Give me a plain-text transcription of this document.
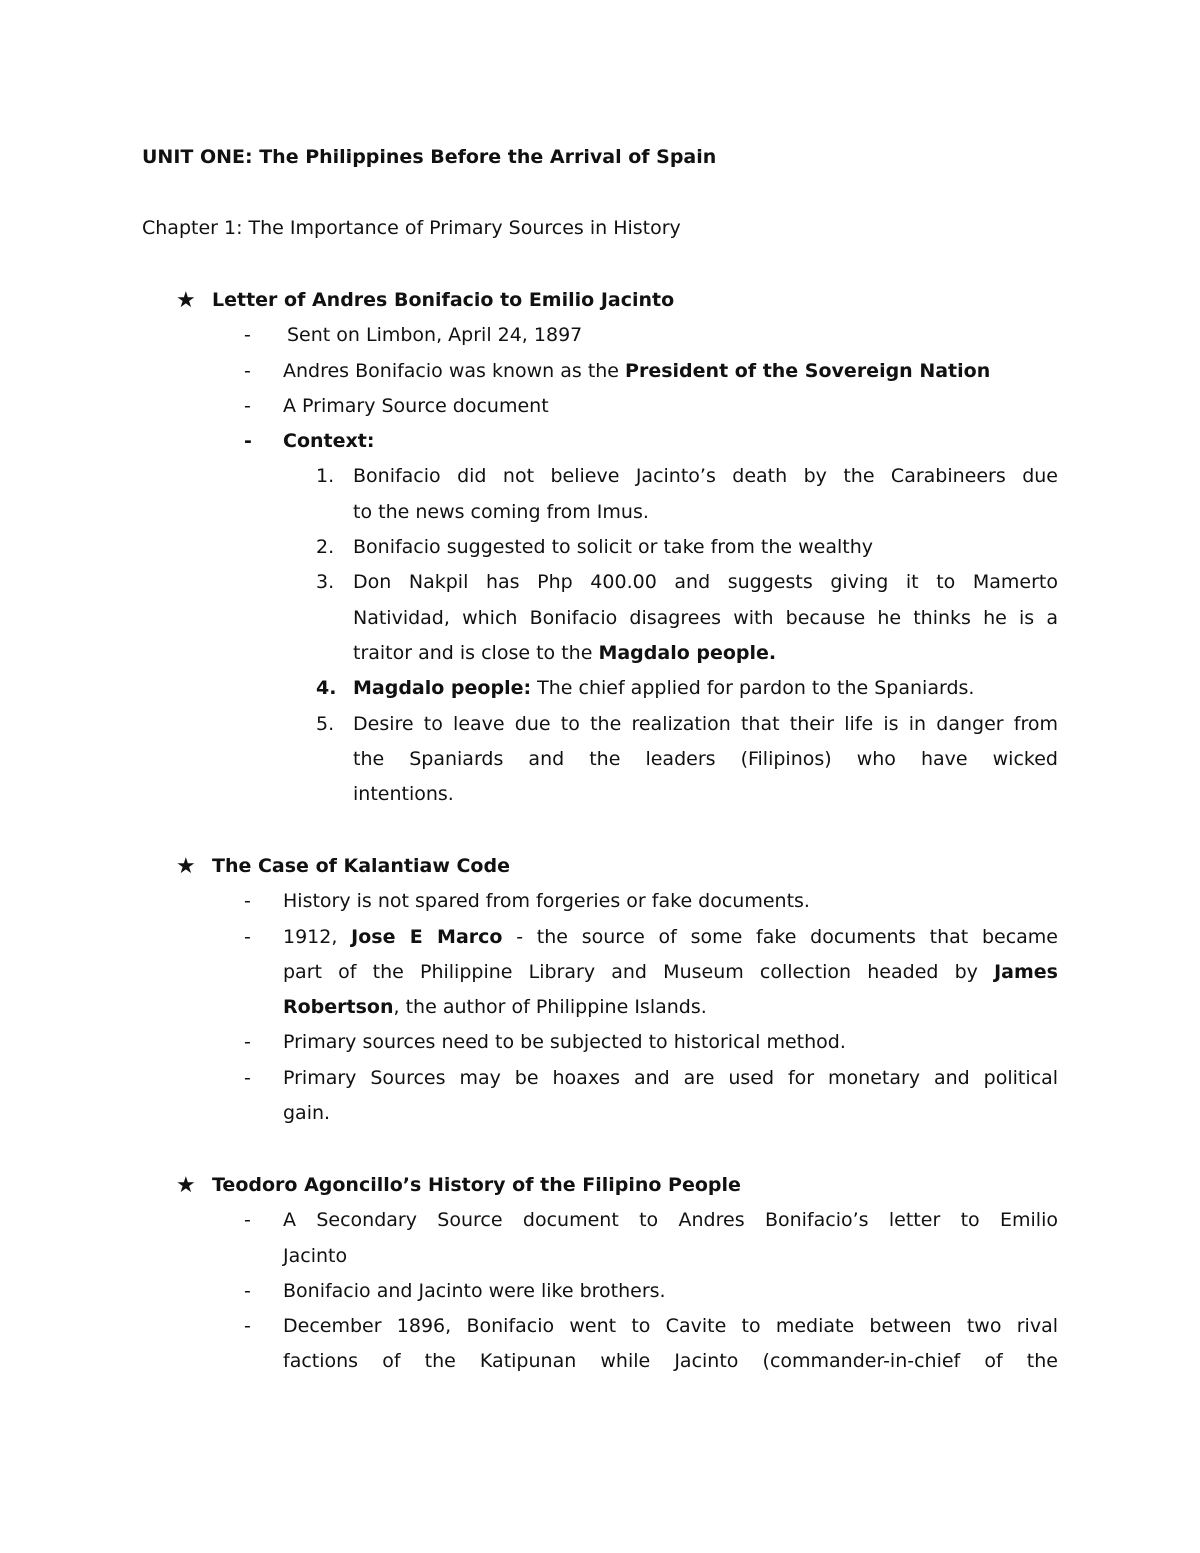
UNIT ONE: The Philippines Before the Arrival of Spain
Chapter 1: The Importance of Primary Sources in History
★ Letter of Andres Bonifacio to Emilio Jacinto
- Sent on Limbon, April 24, 1897
- Andres Bonifacio was known as the President of the Sovereign Nation
- A Primary Source document
- Context:
1. Bonifacio did not believe Jacinto’s death by the Carabineers due
to the news coming from Imus.
2. Bonifacio suggested to solicit or take from the wealthy
3. Don Nakpil has Php 400.00 and suggests giving it to Mamerto
Natividad, which Bonifacio disagrees with because he thinks he is a
traitor and is close to the Magdalo people.
4. Magdalo people: The chief applied for pardon to the Spaniards.
5. Desire to leave due to the realization that their life is in danger from
the Spaniards and the leaders (Filipinos) who have wicked
intentions.
★ The Case of Kalantiaw Code
- History is not spared from forgeries or fake documents.
- 1912, Jose E Marco - the source of some fake documents that became
part of the Philippine Library and Museum collection headed by James
Robertson, the author of Philippine Islands.
- Primary sources need to be subjected to historical method.
- Primary Sources may be hoaxes and are used for monetary and political
gain.
★ Teodoro Agoncillo’s History of the Filipino People
- A Secondary Source document to Andres Bonifacio’s letter to Emilio
Jacinto
- Bonifacio and Jacinto were like brothers.
- December 1896, Bonifacio went to Cavite to mediate between two rival
factions of the Katipunan while Jacinto (commander-in-chief of the
